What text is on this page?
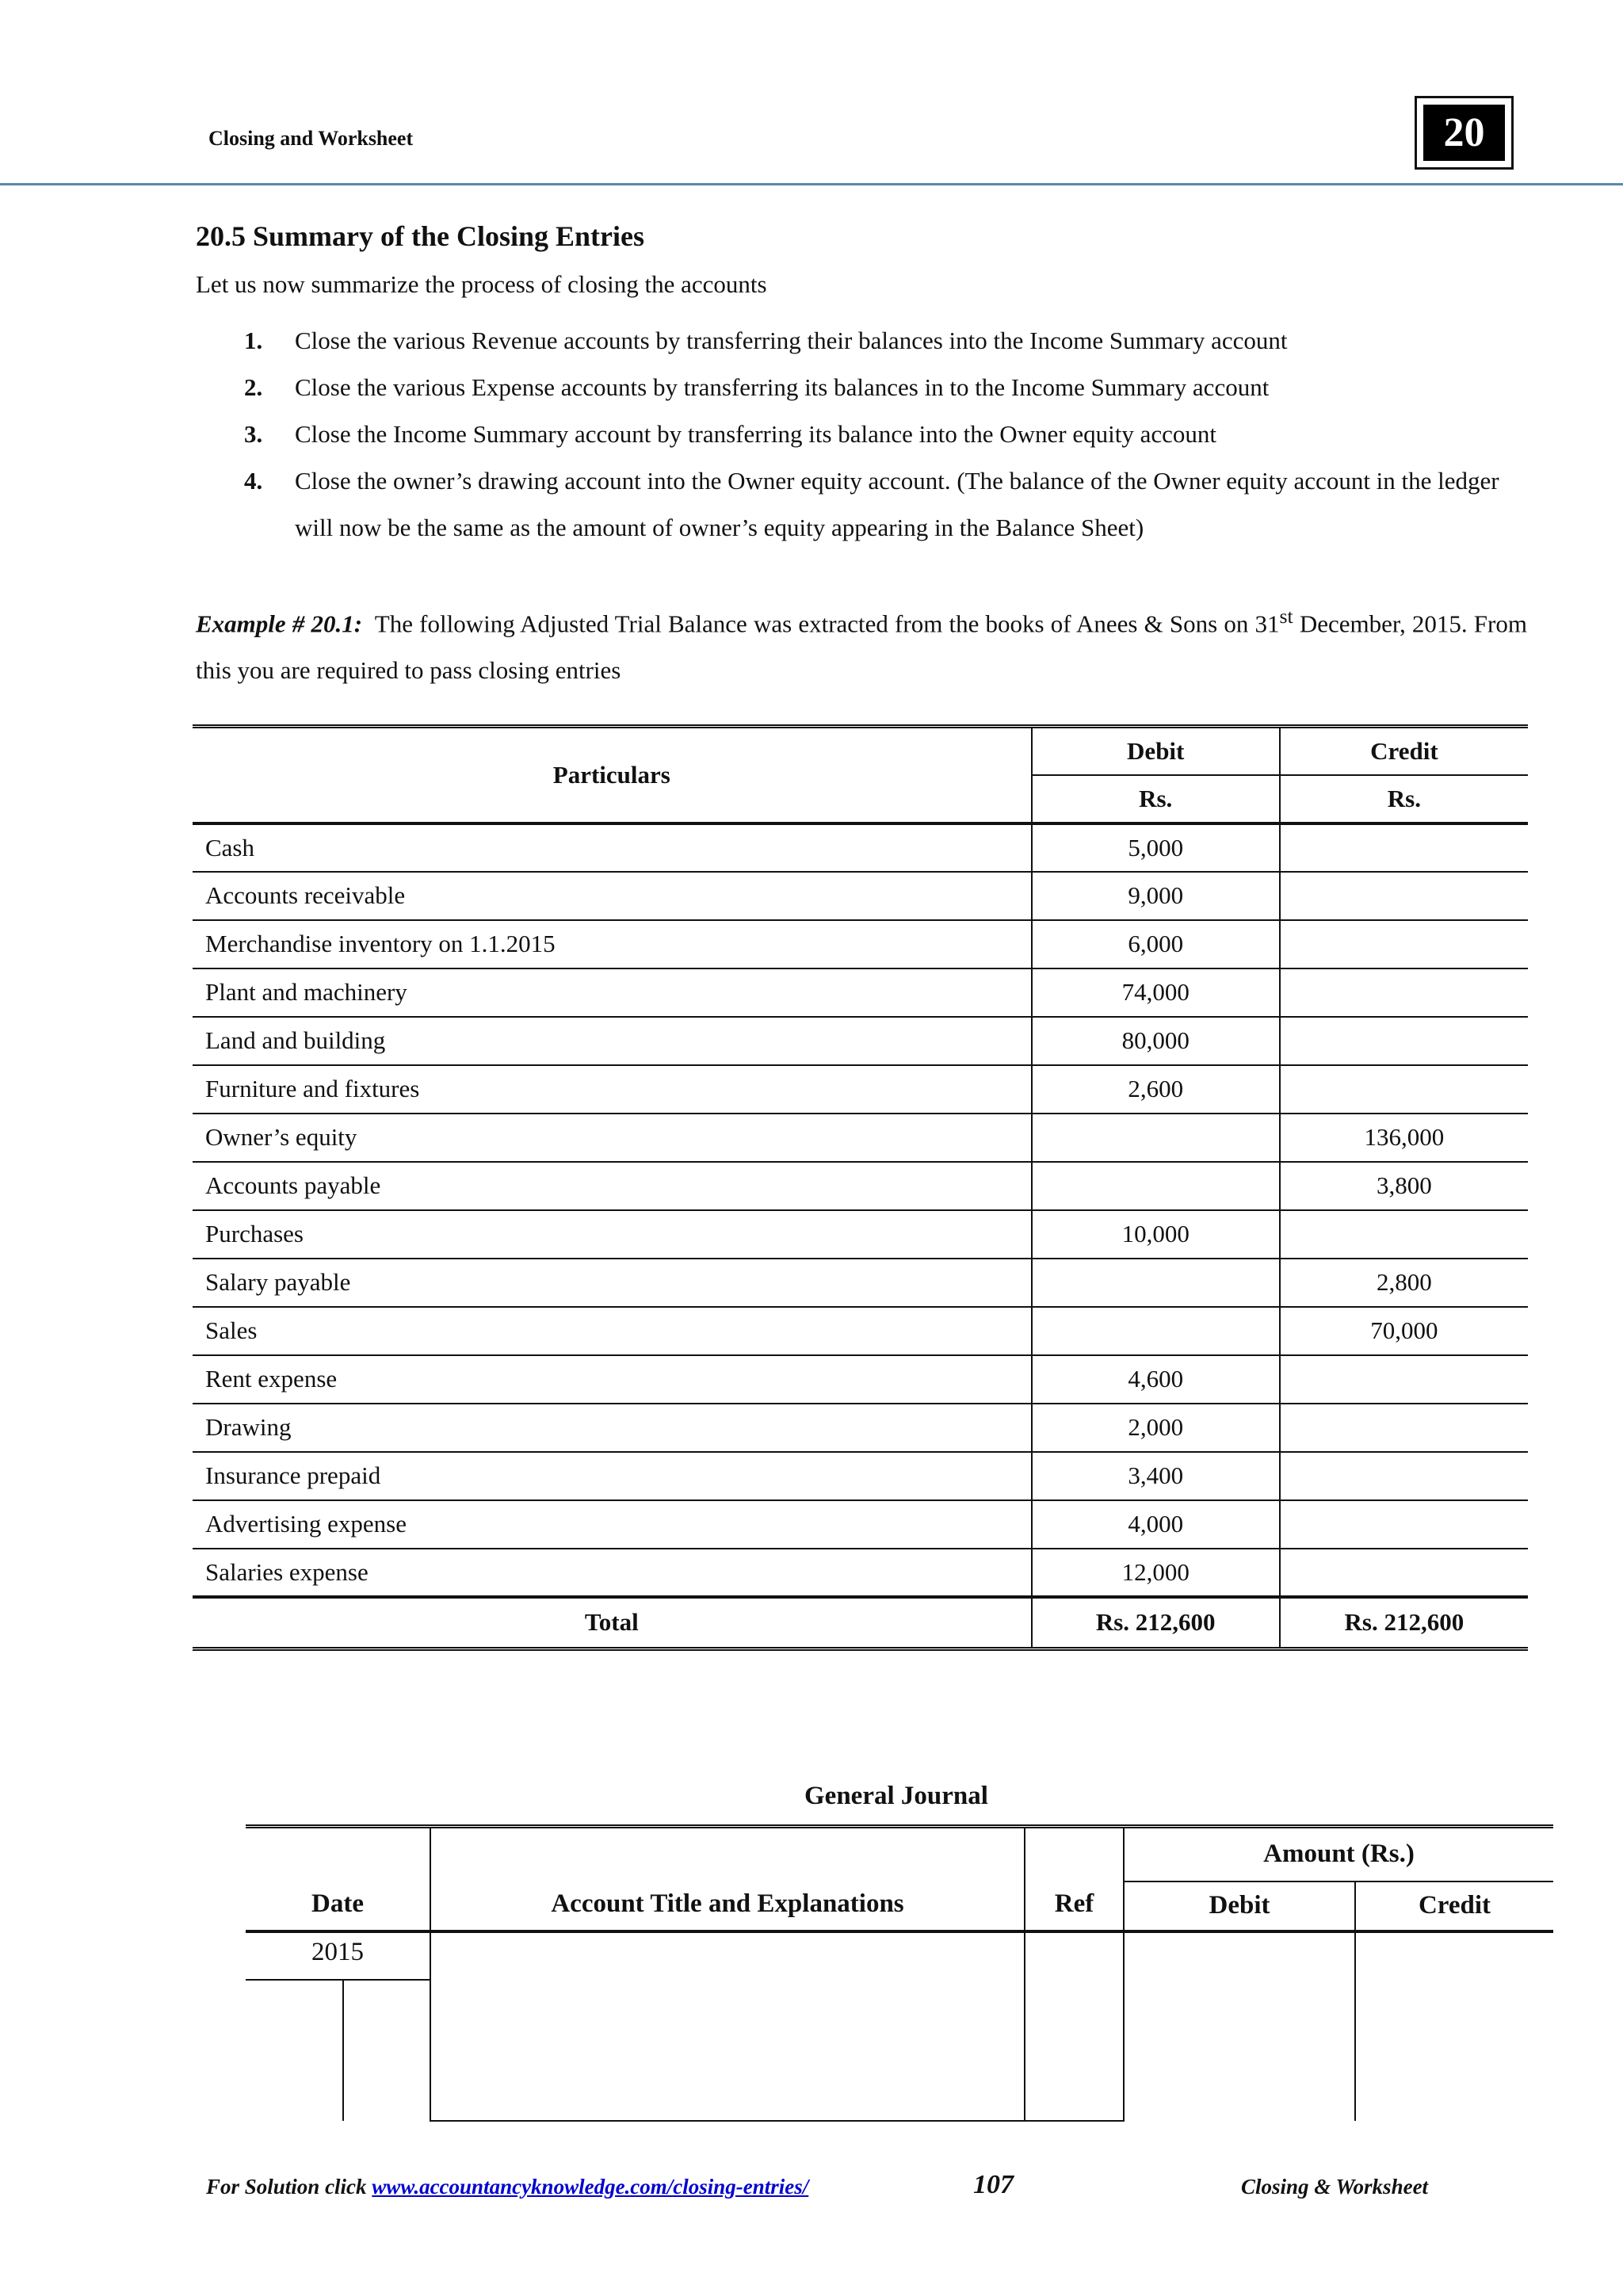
Closing and Worksheet	20
20.5 Summary of the Closing Entries
Let us now summarize the process of closing the accounts
1. Close the various Revenue accounts by transferring their balances into the Income Summary account
2. Close the various Expense accounts by transferring its balances in to the Income Summary account
3. Close the Income Summary account by transferring its balance into the Owner equity account
4. Close the owner’s drawing account into the Owner equity account. (The balance of the Owner equity account in the ledger will now be the same as the amount of owner’s equity appearing in the Balance Sheet)
Example # 20.1: The following Adjusted Trial Balance was extracted from the books of Anees & Sons on 31st December, 2015. From this you are required to pass closing entries
Particulars	Debit	Credit
	Rs.	Rs.
Cash	5,000	
Accounts receivable	9,000	
Merchandise inventory on 1.1.2015	6,000	
Plant and machinery	74,000	
Land and building	80,000	
Furniture and fixtures	2,600	
Owner’s equity		136,000
Accounts payable		3,800
Purchases	10,000	
Salary payable		2,800
Sales		70,000
Rent expense	4,600	
Drawing	2,000	
Insurance prepaid	3,400	
Advertising expense	4,000	
Salaries expense	12,000	
Total	Rs. 212,600	Rs. 212,600
General Journal
Date		Account Title and Explanations	Ref	Amount (Rs.)	
				Debit	Credit
2015					

For Solution click www.accountancyknowledge.com/closing-entries/	107	Closing & Worksheet
